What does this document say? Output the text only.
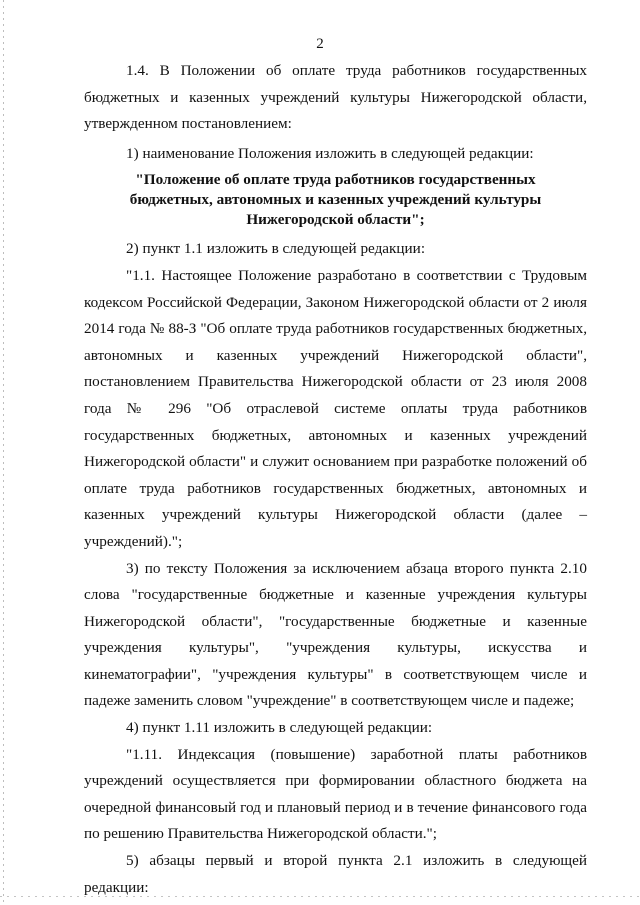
2

1.4. В Положении об оплате труда работников государственных бюджетных и казенных учреждений культуры Нижегородской области, утвержденном постановлением:

1) наименование Положения изложить в следующей редакции:

"Положение об оплате труда работников государственных
бюджетных, автономных и казенных учреждений культуры
Нижегородской области";

2) пункт 1.1 изложить в следующей редакции:

"1.1. Настоящее Положение разработано в соответствии с Трудовым кодексом Российской Федерации, Законом Нижегородской области от 2 июля 2014 года № 88-З "Об оплате труда работников государственных бюджетных, автономных и казенных учреждений Нижегородской области", постановлением Правительства Нижегородской области от 23 июля 2008 года № 296 "Об отраслевой системе оплаты труда работников государственных бюджетных, автономных и казенных учреждений Нижегородской области" и служит основанием при разработке положений об оплате труда работников государственных бюджетных, автономных и казенных учреждений культуры Нижегородской области (далее – учреждений).";

3) по тексту Положения за исключением абзаца второго пункта 2.10 слова "государственные бюджетные и казенные учреждения культуры Нижегородской области", "государственные бюджетные и казенные учреждения культуры", "учреждения культуры, искусства и кинематографии", "учреждения культуры" в соответствующем числе и падеже заменить словом "учреждение" в соответствующем числе и падеже;

4) пункт 1.11 изложить в следующей редакции:

"1.11. Индексация (повышение) заработной платы работников учреждений осуществляется при формировании областного бюджета на очередной финансовый год и плановый период и в течение финансового года по решению Правительства Нижегородской области.";

5) абзацы первый и второй пункта 2.1 изложить в следующей редакции:
